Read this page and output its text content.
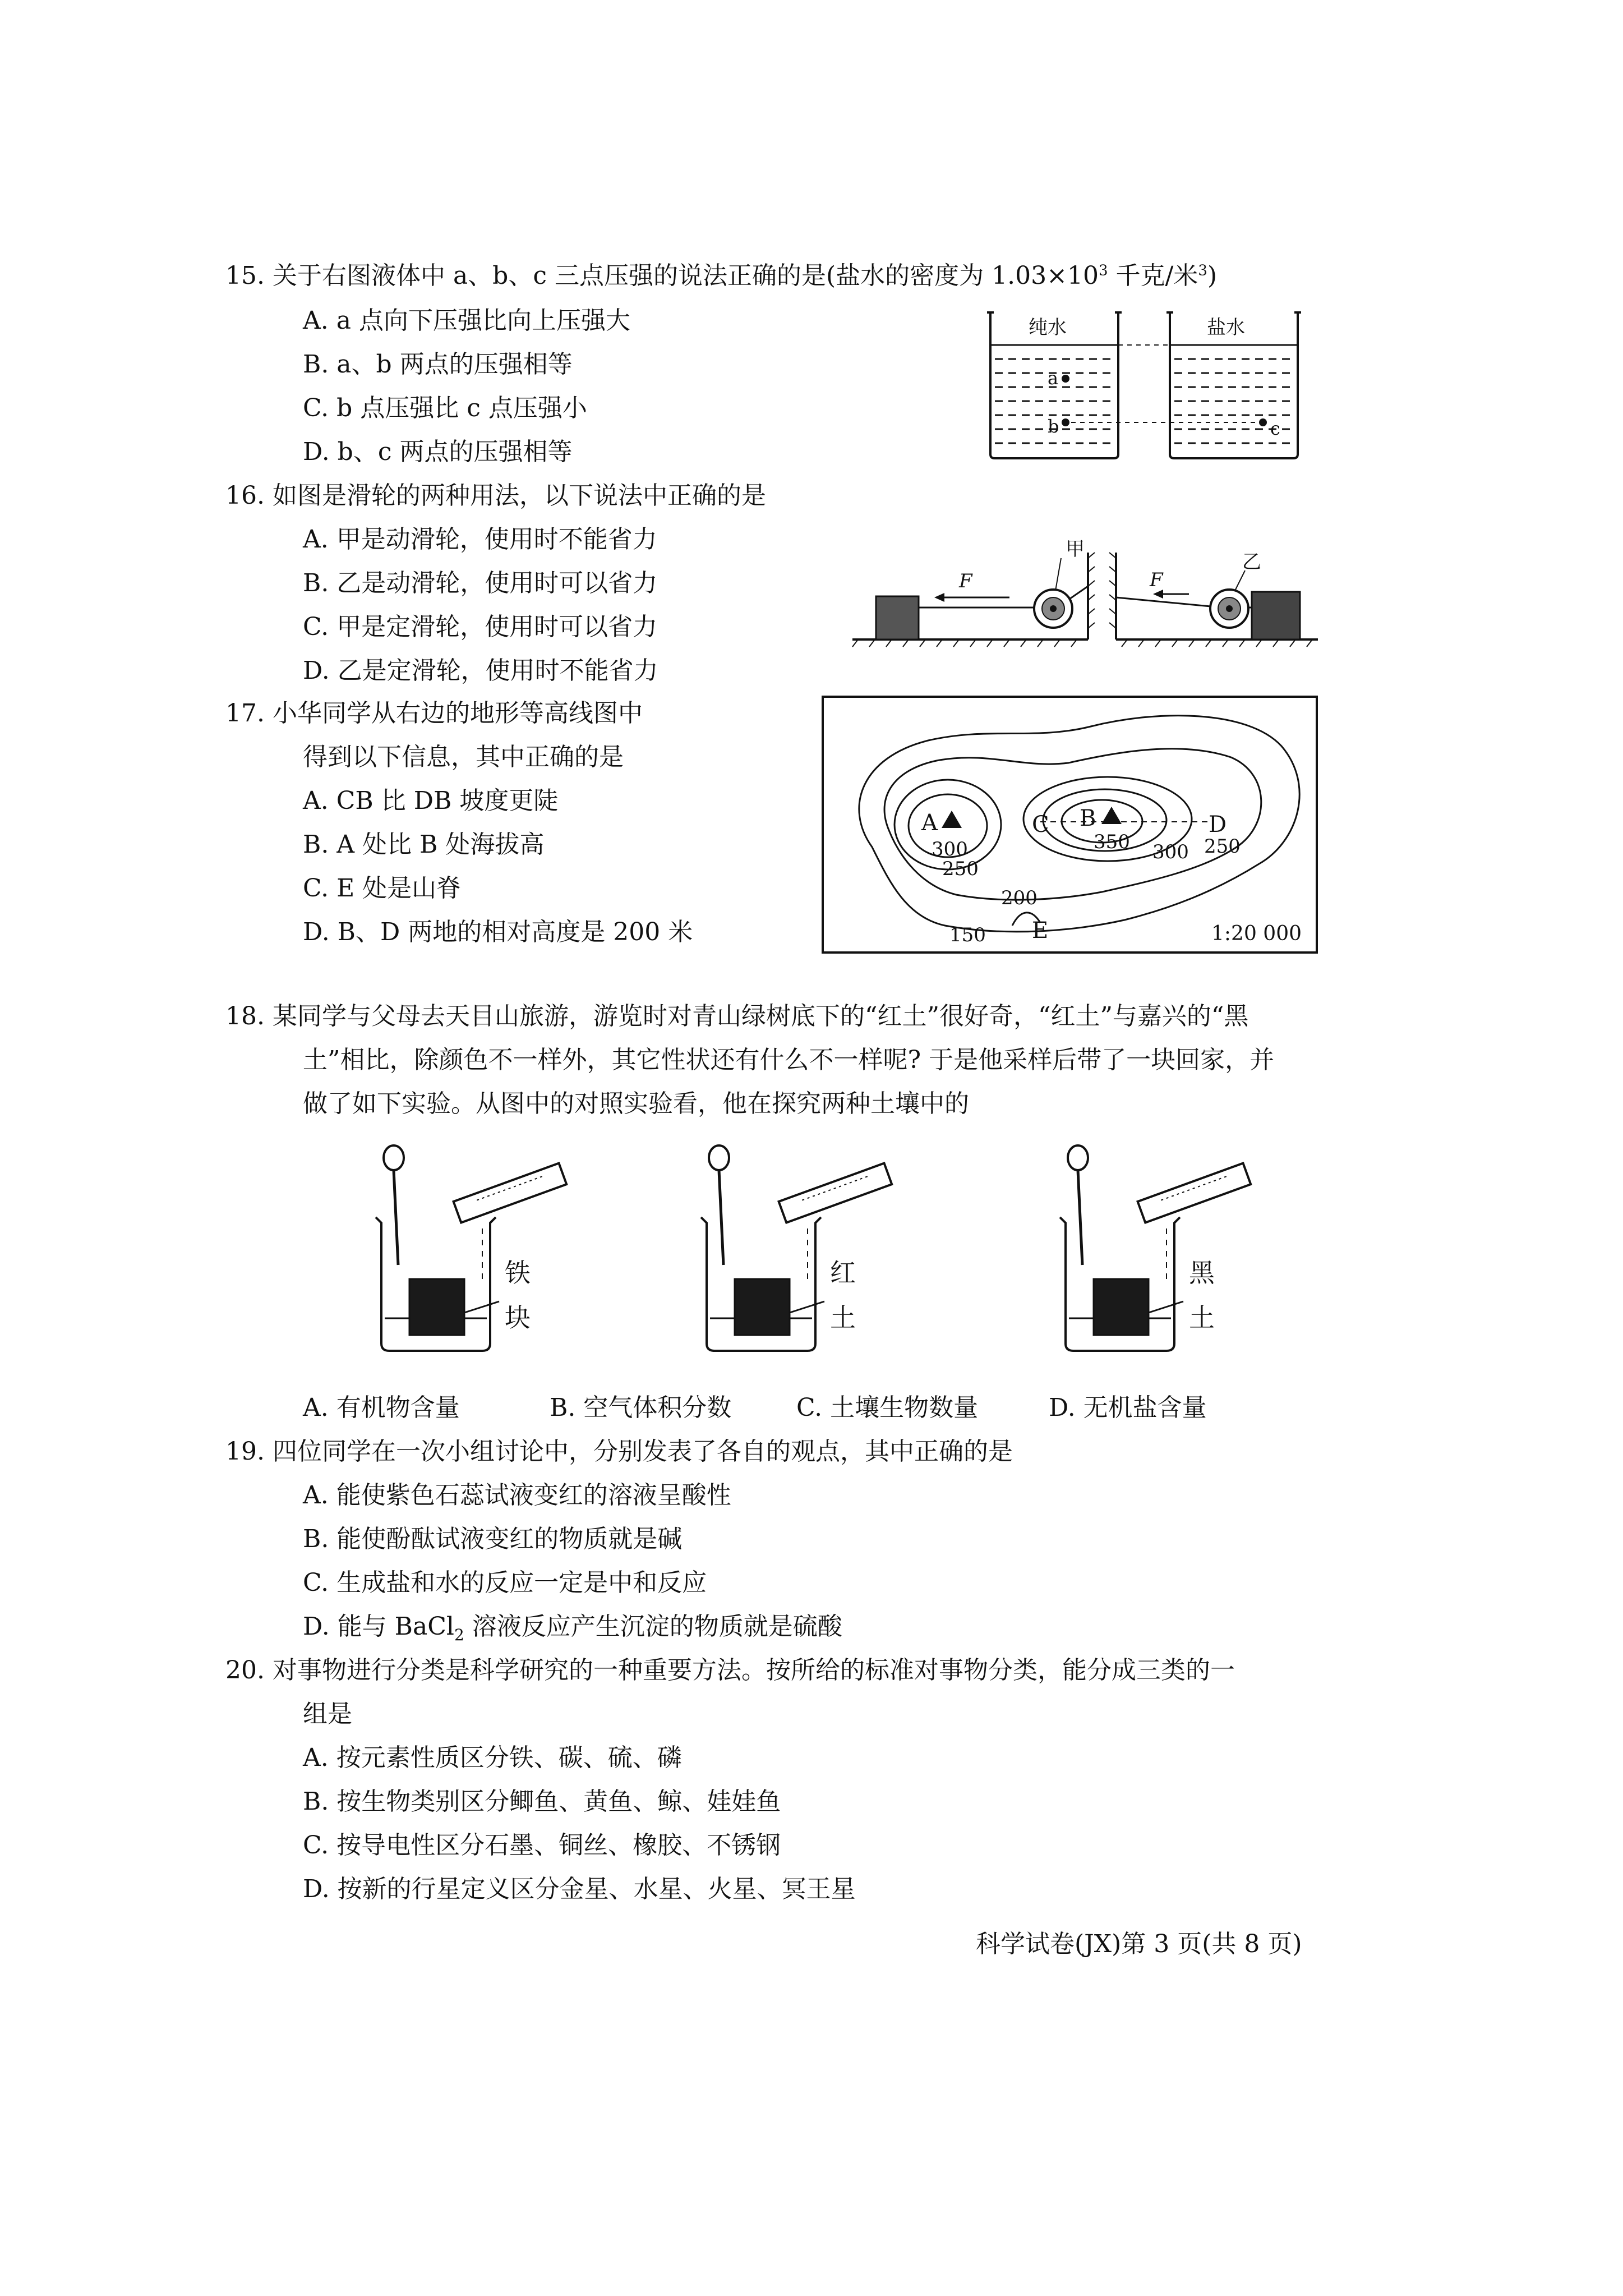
15. 关于右图液体中 a、b、c 三点压强的说法正确的是(盐水的密度为 $1.03\times 10^3$ 千克/米$^3$)
A. a 点向下压强比向上压强大
B. a、b 两点的压强相等
C. b 点压强比 c 点压强小
D. b、c 两点的压强相等
纯水
a
b
盐水
c
16. 如图是滑轮的两种用法，以下说法中正确的是
A. 甲是动滑轮，使用时不能省力
B. 乙是动滑轮，使用时可以省力
C. 甲是定滑轮，使用时可以省力
D. 乙是定滑轮，使用时不能省力
F
甲
F
乙
17. 小华同学从右边的地形等高线图中
得到以下信息，其中正确的是
A. CB 比 DB 坡度更陡
B. A 处比 B 处海拔高
C. E 处是山脊
D. B、D 两地的相对高度是 200 米
A	B
C	D
E
300
250
350 300 250
200
150	1:20 000
18. 某同学与父母去天目山旅游，游览时对青山绿树底下的“红土”很好奇，“红土”与嘉兴的“黑
土”相比，除颜色不一样外，其它性状还有什么不一样呢? 于是他采样后带了一块回家，并
做了如下实验。从图中的对照实验看，他在探究两种土壤中的
铁
块
红
土
黑
土
A. 有机物含量	B. 空气体积分数	C. 土壤生物数量	D. 无机盐含量
19. 四位同学在一次小组讨论中，分别发表了各自的观点，其中正确的是
A. 能使紫色石蕊试液变红的溶液呈酸性
B. 能使酚酞试液变红的物质就是碱
C. 生成盐和水的反应一定是中和反应
D. 能与 BaCl$_2$ 溶液反应产生沉淀的物质就是硫酸
20. 对事物进行分类是科学研究的一种重要方法。按所给的标准对事物分类，能分成三类的一
组是
A. 按元素性质区分铁、碳、硫、磷
B. 按生物类别区分鲫鱼、黄鱼、鲸、娃娃鱼
C. 按导电性区分石墨、铜丝、橡胶、不锈钢
D. 按新的行星定义区分金星、水星、火星、冥王星
科学试卷(JX)第 3 页(共 8 页)
